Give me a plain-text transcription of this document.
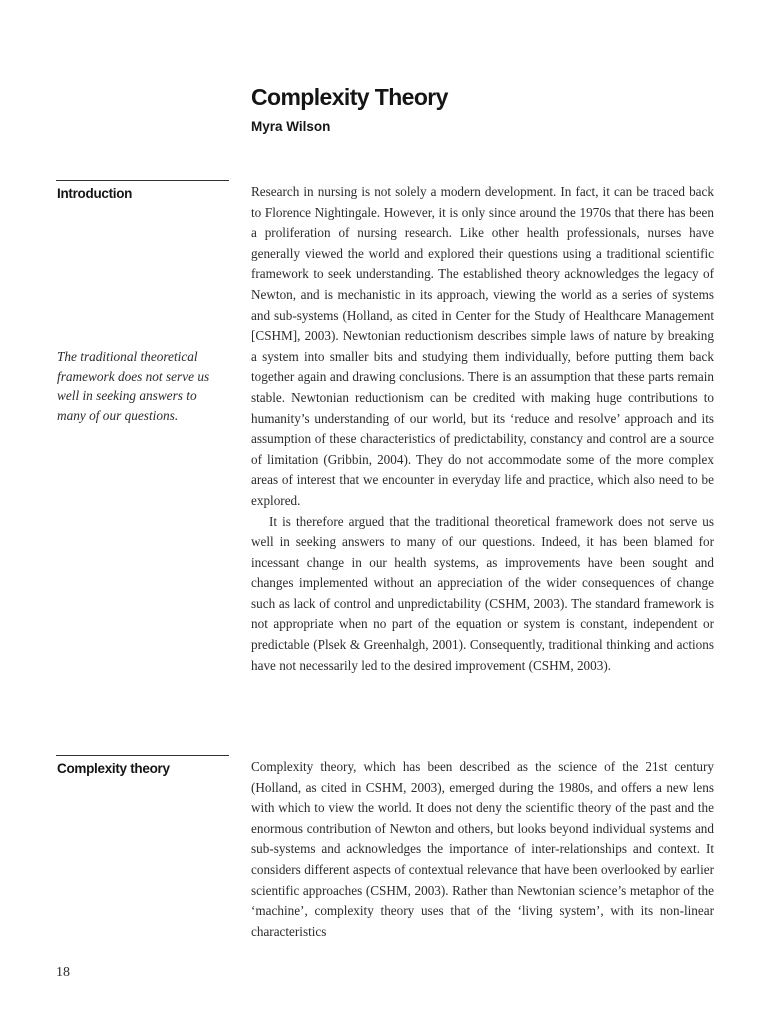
Complexity Theory
Myra Wilson
Introduction
The traditional theoretical framework does not serve us well in seeking answers to many of our questions.

Research in nursing is not solely a modern development. In fact, it can be traced back to Florence Nightingale. However, it is only since around the 1970s that there has been a proliferation of nursing research. Like other health professionals, nurses have generally viewed the world and explored their questions using a traditional scientific framework to seek understanding. The established theory acknowledges the legacy of Newton, and is mechanistic in its approach, viewing the world as a series of systems and sub-systems (Holland, as cited in Center for the Study of Healthcare Management [CSHM], 2003). Newtonian reductionism describes simple laws of nature by breaking a system into smaller bits and studying them individually, before putting them back together again and drawing conclusions. There is an assumption that these parts remain stable. Newtonian reductionism can be credited with making huge contributions to humanity’s understanding of our world, but its ‘reduce and resolve’ approach and its assumption of these characteristics of predictability, constancy and control are a source of limitation (Gribbin, 2004). They do not accommodate some of the more complex areas of interest that we encounter in everyday life and practice, which also need to be explored.

It is therefore argued that the traditional theoretical framework does not serve us well in seeking answers to many of our questions. Indeed, it has been blamed for incessant change in our health systems, as improvements have been sought and changes implemented without an appreciation of the wider consequences of change such as lack of control and unpredictability (CSHM, 2003). The standard framework is not appropriate when no part of the equation or system is constant, independent or predictable (Plsek & Greenhalgh, 2001). Consequently, traditional thinking and actions have not necessarily led to the desired improvement (CSHM, 2003).

Complexity theory	Complexity theory, which has been described as the science of the 21st century (Holland, as cited in CSHM, 2003), emerged during the 1980s, and offers a new lens with which to view the world. It does not deny the scientific theory of the past and the enormous contribution of Newton and others, but looks beyond individual systems and sub-systems and acknowledges the importance of inter-relationships and context. It considers different aspects of contextual relevance that have been overlooked by earlier scientific approaches (CSHM, 2003). Rather than Newtonian science’s metaphor of the ‘machine’, complexity theory uses that of the ‘living system’, with its non-linear characteristics

18
